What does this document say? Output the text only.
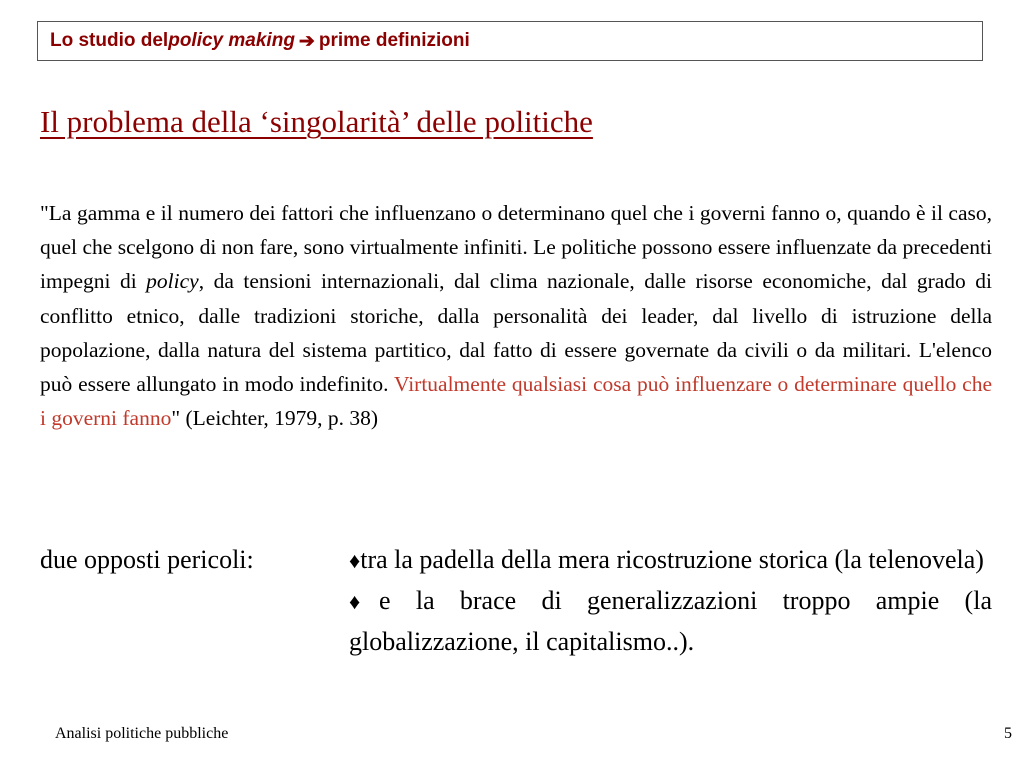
Lo studio del policy making ➔ prime definizioni
Il problema della ‘singolarità’ delle politiche
"La gamma e il numero dei fattori che influenzano o determinano quel che i governi fanno o, quando è il caso, quel che scelgono di non fare, sono virtualmente infiniti. Le politiche possono essere influenzate da precedenti impegni di policy, da tensioni internazionali, dal clima nazionale, dalle risorse economiche, dal grado di conflitto etnico, dalle tradizioni storiche, dalla personalità dei leader, dal livello di istruzione della popolazione, dalla natura del sistema partitico, dal fatto di essere governate da civili o da militari. L'elenco può essere allungato in modo indefinito. Virtualmente qualsiasi cosa può influenzare o determinare quello che i governi fanno" (Leichter, 1979, p. 38)
due opposti pericoli:	♦tra la padella della mera ricostruzione storica (la telenovela)
♦e la brace di generalizzazioni troppo ampie (la globalizzazione, il capitalismo..).
Analisi politiche pubbliche	5
